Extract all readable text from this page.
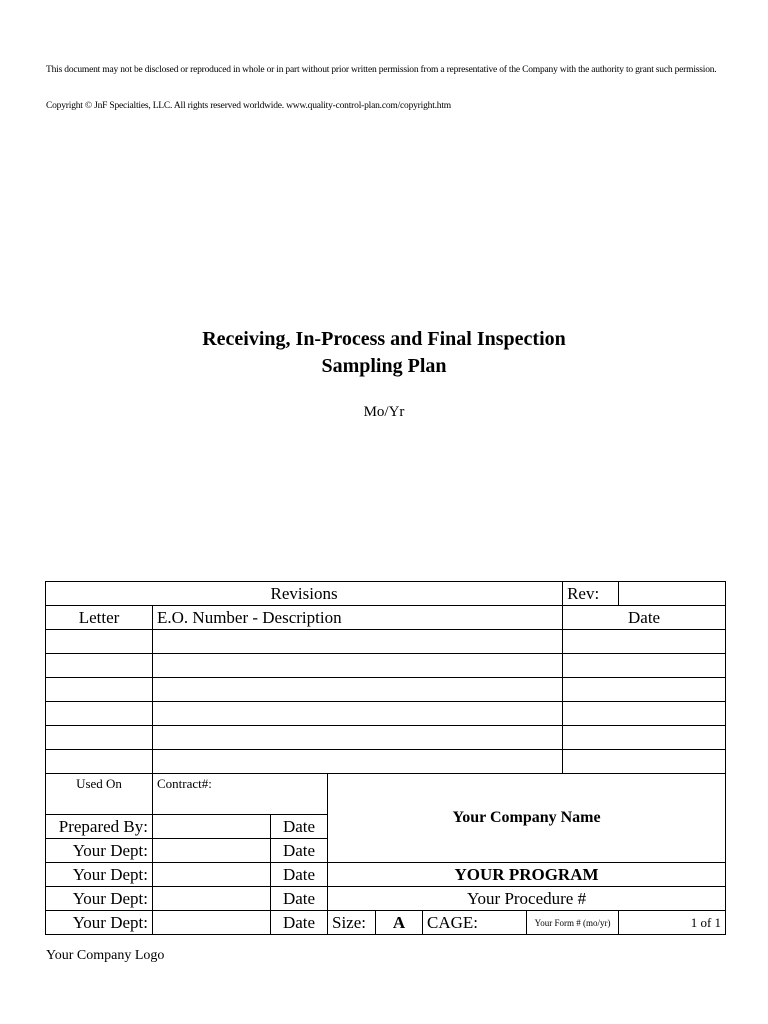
This document may not be disclosed or reproduced in whole or in part without prior written permission from a representative of the Company with the authority to grant such permission.
Copyright © JnF Specialties, LLC. All rights reserved worldwide. www.quality-control-plan.com/copyright.htm
Receiving, In-Process and Final Inspection
Sampling Plan
Mo/Yr
Revisions							Rev:	
Letter	E.O. Number - Description						Date	

Used On	Contract#:		Your Company Name					
Prepared By:		Date						
Your Dept:		Date						
Your Dept:		Date	YOUR PROGRAM					
Your Dept:		Date	Your Procedure #					
Your Dept:		Date	Size:	A	CAGE:	Your Form # (mo/yr)		1 of 1
Your Company Logo
